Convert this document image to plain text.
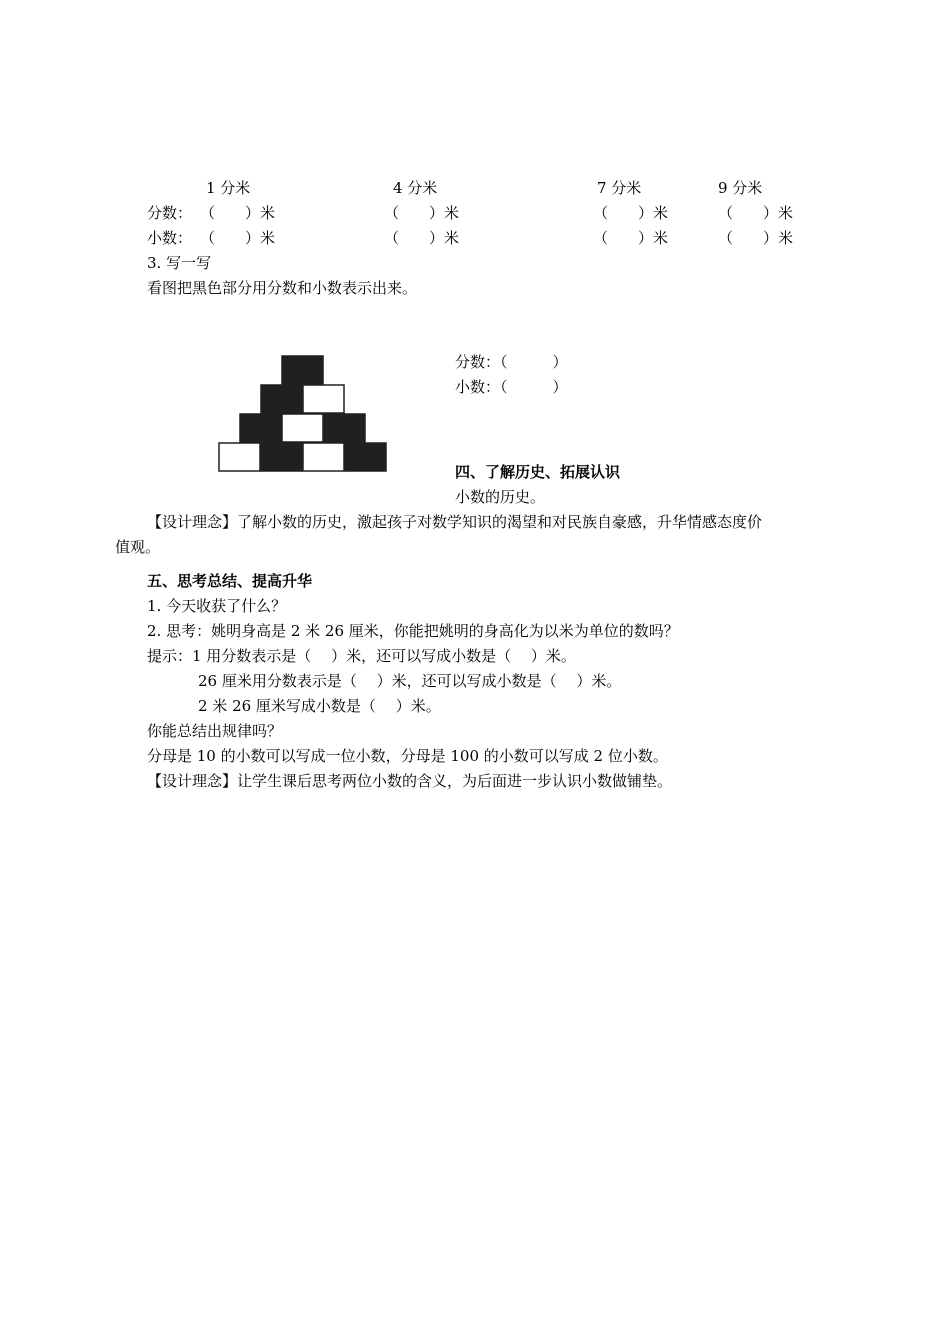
1 分米	4 分米	7 分米	9 分米
分数： （　　）米	（　　）米	（　　）米	（　　）米
小数： （　　）米	（　　）米	（　　）米	（　　）米
3. 写一写
看图把黑色部分用分数和小数表示出来。
分数：（　　　）
小数：（　　　）
四、了解历史、拓展认识
小数的历史。
【设计理念】了解小数的历史，激起孩子对数学知识的渴望和对民族自豪感，升华情感态度价
值观。
五、思考总结、提高升华
1. 今天收获了什么？
2. 思考：姚明身高是 2 米 26 厘米，你能把姚明的身高化为以米为单位的数吗？
提示：1 用分数表示是（　 ）米，还可以写成小数是（　 ）米。
26 厘米用分数表示是（　 ）米，还可以写成小数是（　 ）米。
2 米 26 厘米写成小数是（　 ）米。
你能总结出规律吗？
分母是 10 的小数可以写成一位小数，分母是 100 的小数可以写成 2 位小数。
【设计理念】让学生课后思考两位小数的含义，为后面进一步认识小数做铺垫。
